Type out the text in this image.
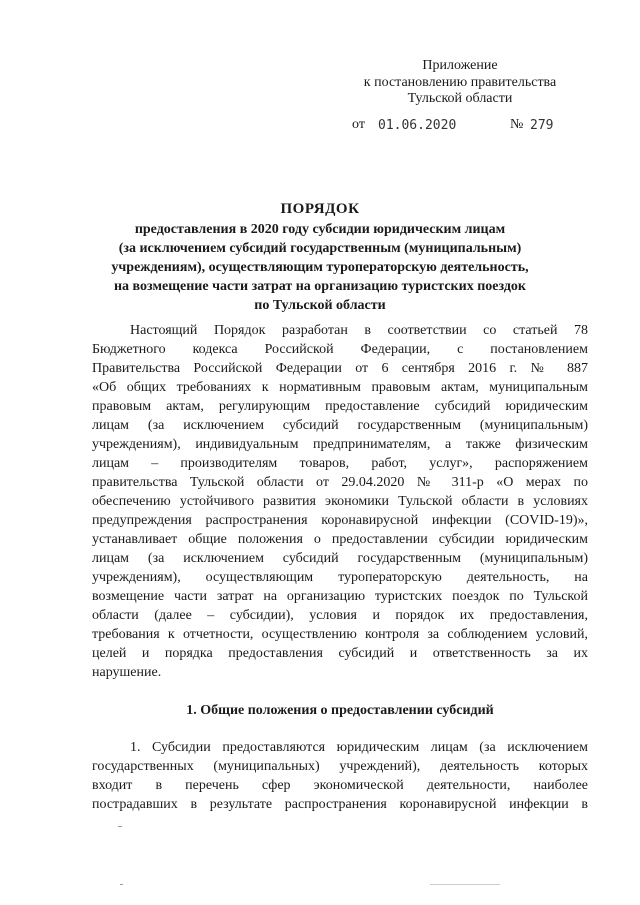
Приложение
к постановлению правительства
Тульской области
от 01.06.2020	№ 279
ПОРЯДОК
предоставления в 2020 году субсидии юридическим лицам
(за исключением субсидий государственным (муниципальным)
учреждениям), осуществляющим туроператорскую деятельность,
на возмещение части затрат на организацию туристских поездок
по Тульской области
Настоящий Порядок разработан в соответствии со статьей 78
Бюджетного кодекса Российской Федерации, с постановлением
Правительства Российской Федерации от 6 сентября 2016 г. № 887
«Об общих требованиях к нормативным правовым актам, муниципальным
правовым актам, регулирующим предоставление субсидий юридическим
лицам (за исключением субсидий государственным (муниципальным)
учреждениям), индивидуальным предпринимателям, а также физическим
лицам – производителям товаров, работ, услуг», распоряжением
правительства Тульской области от 29.04.2020 № 311-р «О мерах по
обеспечению устойчивого развития экономики Тульской области в условиях
предупреждения распространения коронавирусной инфекции (COVID-19)»,
устанавливает общие положения о предоставлении субсидии юридическим
лицам (за исключением субсидий государственным (муниципальным)
учреждениям), осуществляющим туроператорскую деятельность, на
возмещение части затрат на организацию туристских поездок по Тульской
области (далее – субсидии), условия и порядок их предоставления,
требования к отчетности, осуществлению контроля за соблюдением условий,
целей и порядка предоставления субсидий и ответственность за их
нарушение.
1. Общие положения о предоставлении субсидий
1. Субсидии предоставляются юридическим лицам (за исключением
государственных (муниципальных) учреждений), деятельность которых
входит в перечень сфер экономической деятельности, наиболее
пострадавших в результате распространения коронавирусной инфекции в
